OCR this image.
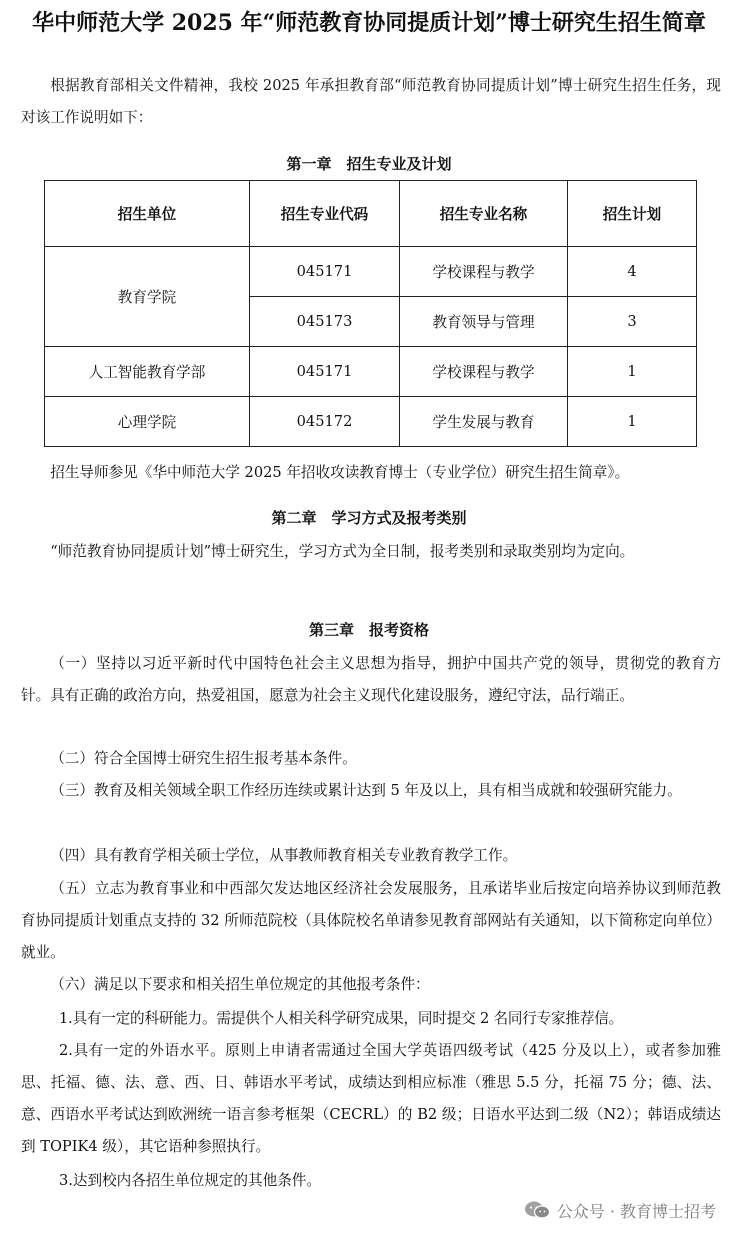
华中师范大学 2025 年“师范教育协同提质计划”博士研究生招生简章

根据教育部相关文件精神，我校 2025 年承担教育部“师范教育协同提质计划”博士研究生招生任务，现对该工作说明如下：

第一章　招生专业及计划
招生单位	招生专业代码	招生专业名称	招生计划
教育学院	045171	学校课程与教学	4
	045173	教育领导与管理	3
人工智能教育学部	045171	学校课程与教学	1
心理学院	045172	学生发展与教育	1

招生导师参见《华中师范大学 2025 年招收攻读教育博士（专业学位）研究生招生简章》。

第二章　学习方式及报考类别

“师范教育协同提质计划”博士研究生，学习方式为全日制，报考类别和录取类别均为定向。

第三章　报考资格

（一）坚持以习近平新时代中国特色社会主义思想为指导，拥护中国共产党的领导，贯彻党的教育方针。具有正确的政治方向，热爱祖国，愿意为社会主义现代化建设服务，遵纪守法，品行端正。

（二）符合全国博士研究生招生报考基本条件。

（三）教育及相关领域全职工作经历连续或累计达到 5 年及以上，具有相当成就和较强研究能力。

（四）具有教育学相关硕士学位，从事教师教育相关专业教育教学工作。

（五）立志为教育事业和中西部欠发达地区经济社会发展服务，且承诺毕业后按定向培养协议到师范教育协同提质计划重点支持的 32 所师范院校（具体院校名单请参见教育部网站有关通知，以下简称定向单位）就业。

（六）满足以下要求和相关招生单位规定的其他报考条件：

1.具有一定的科研能力。需提供个人相关科学研究成果，同时提交 2 名同行专家推荐信。

2.具有一定的外语水平。原则上申请者需通过全国大学英语四级考试（425 分及以上），或者参加雅思、托福、德、法、意、西、日、韩语水平考试，成绩达到相应标准（雅思 5.5 分，托福 75 分；德、法、意、西语水平考试达到欧洲统一语言参考框架（CECRL）的 B2 级；日语水平达到二级（N2）；韩语成绩达到 TOPIK4 级），其它语种参照执行。

3.达到校内各招生单位规定的其他条件。

公众号 · 教育博士招考
